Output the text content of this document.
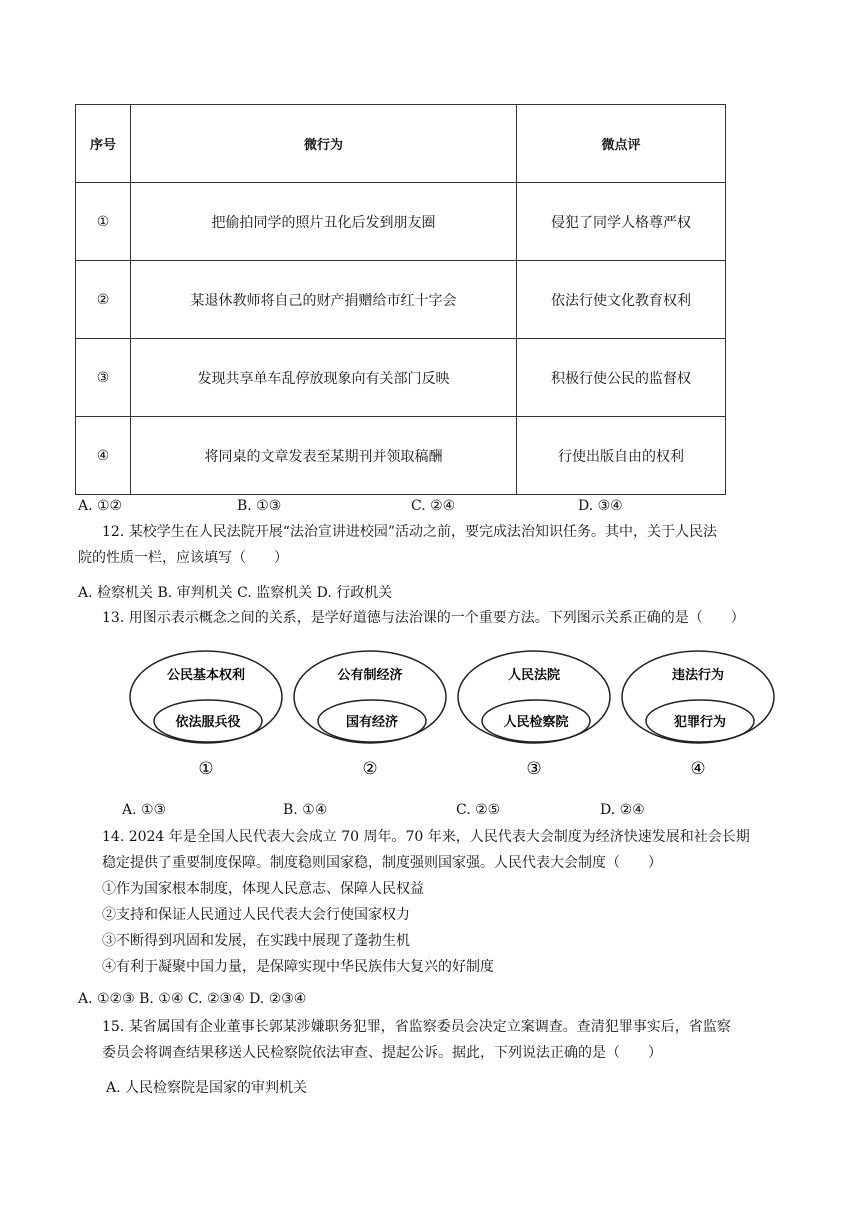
序号	微行为	微点评
①	把偷拍同学的照片丑化后发到朋友圈	侵犯了同学人格尊严权
②	某退休教师将自己的财产捐赠给市红十字会	依法行使文化教育权利
③	发现共享单车乱停放现象向有关部门反映	积极行使公民的监督权
④	将同桌的文章发表至某期刊并领取稿酬	行使出版自由的权利
A. ①②	B. ①③	C. ②④	D. ③④
12. 某校学生在人民法院开展“法治宣讲进校园”活动之前，要完成法治知识任务。其中，关于人民法
院的性质一栏，应该填写（　　）
A. 检察机关 B. 审判机关 C. 监察机关 D. 行政机关
13. 用图示表示概念之间的关系，是学好道德与法治课的一个重要方法。下列图示关系正确的是（　　）
公民基本权利
依法服兵役
①
公有制经济
国有经济
②
人民法院
人民检察院
③
违法行为
犯罪行为
④
A. ①③	B. ①④	C. ②⑤	D. ②④
14. 2024 年是全国人民代表大会成立 70 周年。70 年来，人民代表大会制度为经济快速发展和社会长期
稳定提供了重要制度保障。制度稳则国家稳，制度强则国家强。人民代表大会制度（　　）
①作为国家根本制度，体现人民意志、保障人民权益
②支持和保证人民通过人民代表大会行使国家权力
③不断得到巩固和发展，在实践中展现了蓬勃生机
④有利于凝聚中国力量，是保障实现中华民族伟大复兴的好制度
A. ①②③ B. ①④ C. ②③④ D. ②③④
15. 某省属国有企业董事长郭某涉嫌职务犯罪，省监察委员会决定立案调查。查清犯罪事实后，省监察
委员会将调查结果移送人民检察院依法审查、提起公诉。据此，下列说法正确的是（　　）
A. 人民检察院是国家的审判机关
